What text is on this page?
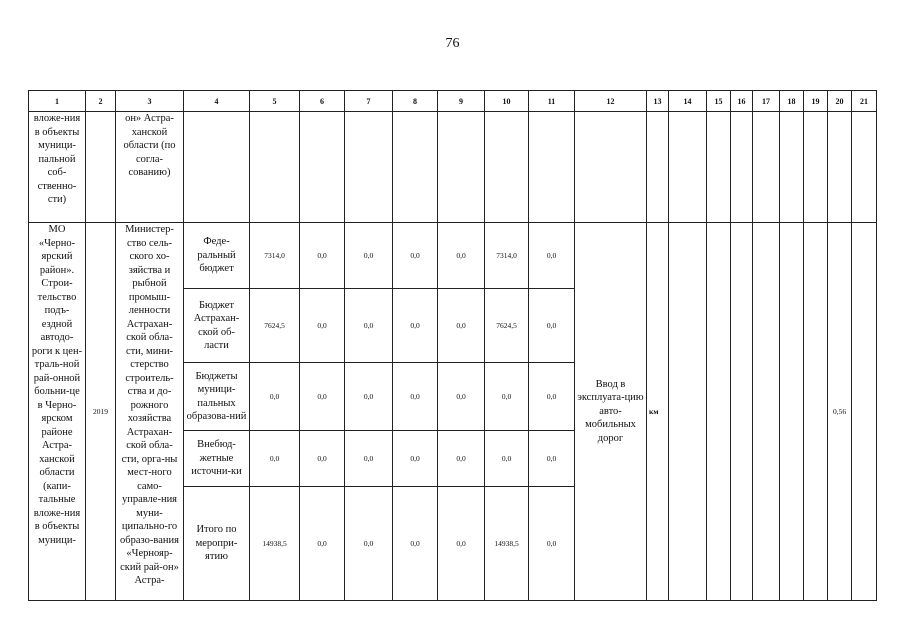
76
1	2	3	4	5	6	7	8	9	10	11	12	13	14	15	16	17	18	19	20	21
вложе-ния в объекты муници-пальной соб-ственно-сти)		он» Астра-ханской области (по согла-сованию)																		
МО «Черно-ярский район». Строи-тельство подъ-ездной автодо-роги к цен-траль-ной рай-онной больни-це в Черно-ярском районе Астра-ханской области (капи-тальные вложе-ния в объекты муници-	2019	Министер-ство сель-ского хо-зяйства и рыбной промыш-ленности Астрахан-ской обла-сти, мини-стерство строитель-ства и до-рожного хозяйства Астрахан-ской обла-сти, орга-ны мест-ного само-управле-ния муни-ципально-го образо-вания «Чернояр-ский рай-он» Астра-	Феде-ральный бюджет	7314,0	0,0	0,0	0,0	0,0	7314,0	0,0	Ввод в эксплуата-цию авто-мобильных дорог	км							0,56	
			Бюджет Астрахан-ской об-ласти	7624,5	0,0	0,0	0,0	0,0	7624,5	0,0										
			Бюджеты муници-пальных образова-ний	0,0	0,0	0,0	0,0	0,0	0,0	0,0										
			Внебюд-жетные источни-ки	0,0	0,0	0,0	0,0	0,0	0,0	0,0										
			Итого по меропри-ятию	14938,5	0,0	0,0	0,0	0,0	14938,5	0,0										
